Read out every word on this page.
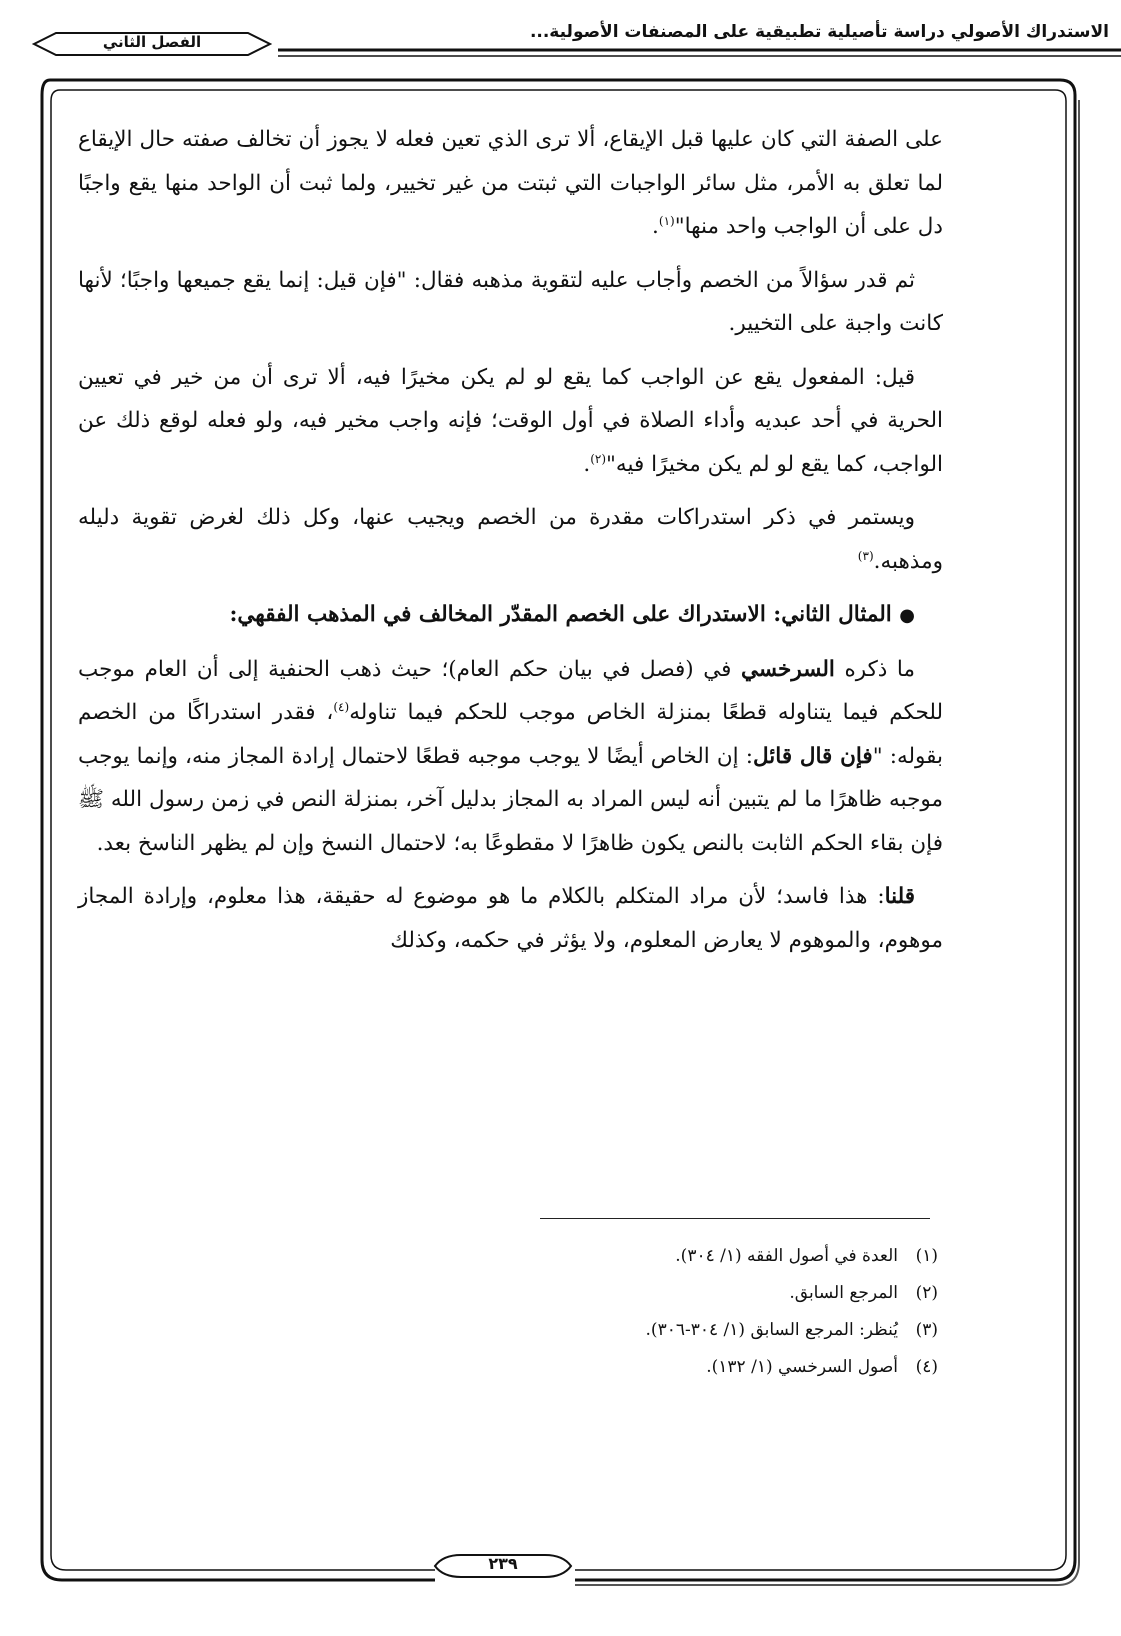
الاستدراك الأصولي دراسة تأصيلية تطبيقية على المصنفات الأصولية...
الفصل الثاني

على الصفة التي كان عليها قبل الإيقاع، ألا ترى الذي تعين فعله لا يجوز أن تخالف صفته حال الإيقاع لما تعلق به الأمر، مثل سائر الواجبات التي ثبتت من غير تخيير، ولما ثبت أن الواحد منها يقع واجبًا دل على أن الواجب واحد منها"$^{(١)}$.

ثم قدر سؤالاً من الخصم وأجاب عليه لتقوية مذهبه فقال: "فإن قيل: إنما يقع جميعها واجبًا؛ لأنها كانت واجبة على التخيير.

قيل: المفعول يقع عن الواجب كما يقع لو لم يكن مخيرًا فيه، ألا ترى أن من خير في تعيين الحرية في أحد عبديه وأداء الصلاة في أول الوقت؛ فإنه واجب مخير فيه، ولو فعله لوقع ذلك عن الواجب، كما يقع لو لم يكن مخيرًا فيه"$^{(٢)}$.

ويستمر في ذكر استدراكات مقدرة من الخصم ويجيب عنها، وكل ذلك لغرض تقوية دليله ومذهبه.$^{(٣)}$

● المثال الثاني: الاستدراك على الخصم المقدّر المخالف في المذهب الفقهي:

ما ذكره السرخسي في (فصل في بيان حكم العام)؛ حيث ذهب الحنفية إلى أن العام موجب للحكم فيما يتناوله قطعًا بمنزلة الخاص موجب للحكم فيما تناوله$^{(٤)}$، فقدر استدراكًا من الخصم بقوله: "فإن قال قائل: إن الخاص أيضًا لا يوجب موجبه قطعًا لاحتمال إرادة المجاز منه، وإنما يوجب موجبه ظاهرًا ما لم يتبين أنه ليس المراد به المجاز بدليل آخر، بمنزلة النص في زمن رسول الله ﷺ فإن بقاء الحكم الثابت بالنص يكون ظاهرًا لا مقطوعًا به؛ لاحتمال النسخ وإن لم يظهر الناسخ بعد.

قلنا: هذا فاسد؛ لأن مراد المتكلم بالكلام ما هو موضوع له حقيقة، هذا معلوم، وإرادة المجاز موهوم، والموهوم لا يعارض المعلوم، ولا يؤثر في حكمه، وكذلك

(١)
العدة في أصول الفقه (١/ ٣٠٤).
(٢)
المرجع السابق.
(٣)
يُنظر: المرجع السابق (١/ ٣٠٤-٣٠٦).
(٤)
أصول السرخسي (١/ ١٣٢).
٢٣٩
